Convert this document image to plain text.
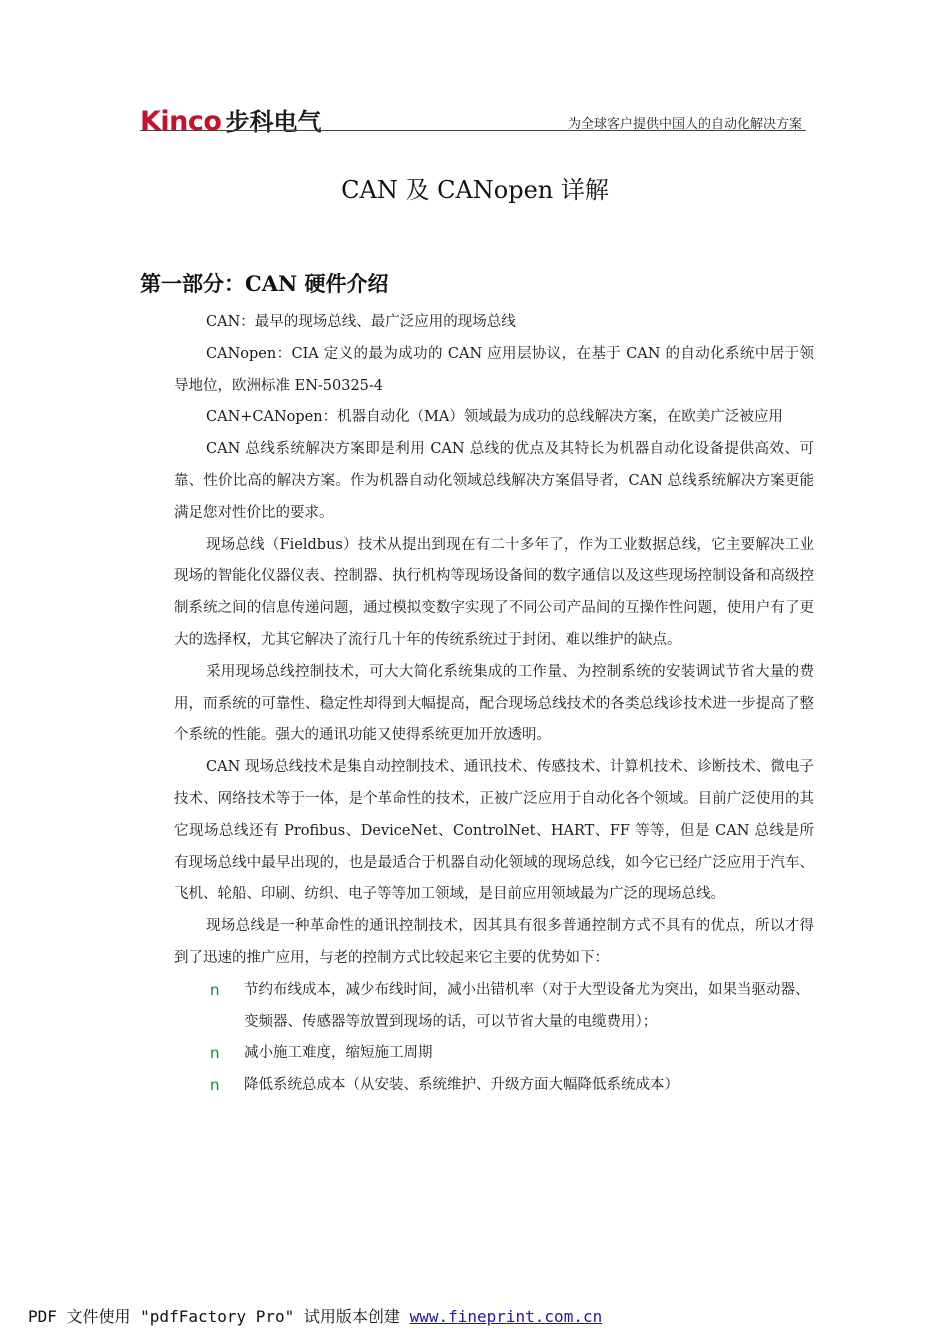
Kinco 步科电气	为全球客户提供中国人的自动化解决方案
CAN 及 CANopen 详解
第一部分：CAN 硬件介绍

CAN：最早的现场总线、最广泛应用的现场总线

CANopen：CIA 定义的最为成功的 CAN 应用层协议，在基于 CAN 的自动化系统中居于领导地位，欧洲标准 EN-50325-4

CAN+CANopen：机器自动化（MA）领域最为成功的总线解决方案，在欧美广泛被应用

CAN 总线系统解决方案即是利用 CAN 总线的优点及其特长为机器自动化设备提供高效、可靠、性价比高的解决方案。作为机器自动化领域总线解决方案倡导者，CAN 总线系统解决方案更能满足您对性价比的要求。

现场总线（Fieldbus）技术从提出到现在有二十多年了，作为工业数据总线，它主要解决工业现场的智能化仪器仪表、控制器、执行机构等现场设备间的数字通信以及这些现场控制设备和高级控制系统之间的信息传递问题，通过模拟变数字实现了不同公司产品间的互操作性问题，使用户有了更大的选择权，尤其它解决了流行几十年的传统系统过于封闭、难以维护的缺点。

采用现场总线控制技术，可大大简化系统集成的工作量、为控制系统的安装调试节省大量的费用，而系统的可靠性、稳定性却得到大幅提高，配合现场总线技术的各类总线诊技术进一步提高了整个系统的性能。强大的通讯功能又使得系统更加开放透明。

CAN 现场总线技术是集自动控制技术、通讯技术、传感技术、计算机技术、诊断技术、微电子技术、网络技术等于一体，是个革命性的技术，正被广泛应用于自动化各个领域。目前广泛使用的其它现场总线还有 Profibus、DeviceNet、ControlNet、HART、FF 等等，但是 CAN 总线是所有现场总线中最早出现的，也是最适合于机器自动化领域的现场总线，如今它已经广泛应用于汽车、飞机、轮船、印刷、纺织、电子等等加工领域，是目前应用领域最为广泛的现场总线。

现场总线是一种革命性的通讯控制技术，因其具有很多普通控制方式不具有的优点，所以才得到了迅速的推广应用，与老的控制方式比较起来它主要的优势如下：

n 节约布线成本，减少布线时间，减小出错机率（对于大型设备尤为突出，如果当驱动器、变频器、传感器等放置到现场的话，可以节省大量的电缆费用）；
n 减小施工难度，缩短施工周期
n 降低系统总成本（从安装、系统维护、升级方面大幅降低系统成本）
PDF 文件使用 "pdfFactory Pro" 试用版本创建 www.fineprint.com.cn
